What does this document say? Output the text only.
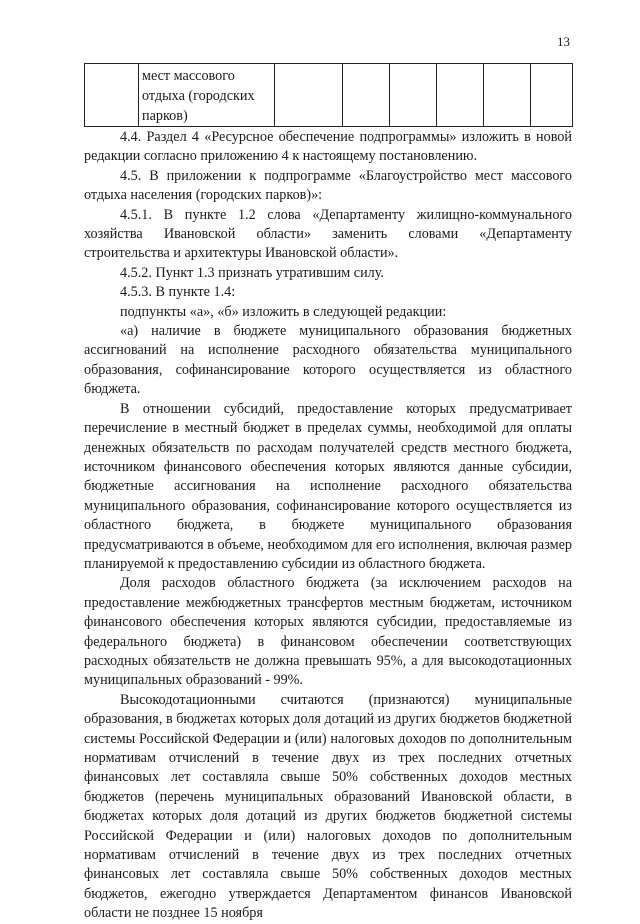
13
	мест массового
отдыха (городских
парков)						

4.4. Раздел 4 «Ресурсное обеспечение подпрограммы» изложить в новой редакции согласно приложению 4 к настоящему постановлению.

4.5. В приложении к подпрограмме «Благоустройство мест массового отдыха населения (городских парков)»:

4.5.1. В пункте 1.2 слова «Департаменту жилищно-коммунального хозяйства Ивановской области» заменить словами «Департаменту строительства и архитектуры Ивановской области».

4.5.2. Пункт 1.3 признать утратившим силу.

4.5.3. В пункте 1.4:

подпункты «а», «б» изложить в следующей редакции:

«а) наличие в бюджете муниципального образования бюджетных ассигнований на исполнение расходного обязательства муниципального образования, софинансирование которого осуществляется из областного бюджета.

В отношении субсидий, предоставление которых предусматривает перечисление в местный бюджет в пределах суммы, необходимой для оплаты денежных обязательств по расходам получателей средств местного бюджета, источником финансового обеспечения которых являются данные субсидии, бюджетные ассигнования на исполнение расходного обязательства муниципального образования, софинансирование которого осуществляется из областного бюджета, в бюджете муниципального образования предусматриваются в объеме, необходимом для его исполнения, включая размер планируемой к предоставлению субсидии из областного бюджета.

Доля расходов областного бюджета (за исключением расходов на предоставление межбюджетных трансфертов местным бюджетам, источником финансового обеспечения которых являются субсидии, предоставляемые из федерального бюджета) в финансовом обеспечении соответствующих расходных обязательств не должна превышать 95%, а для высокодотационных муниципальных образований - 99%.

Высокодотационными считаются (признаются) муниципальные образования, в бюджетах которых доля дотаций из других бюджетов бюджетной системы Российской Федерации и (или) налоговых доходов по дополнительным нормативам отчислений в течение двух из трех последних отчетных финансовых лет составляла свыше 50% собственных доходов местных бюджетов (перечень муниципальных образований Ивановской области, в бюджетах которых доля дотаций из других бюджетов бюджетной системы Российской Федерации и (или) налоговых доходов по дополнительным нормативам отчислений в течение двух из трех последних отчетных финансовых лет составляла свыше 50% собственных доходов местных бюджетов, ежегодно утверждается Департаментом финансов Ивановской области не позднее 15 ноября
